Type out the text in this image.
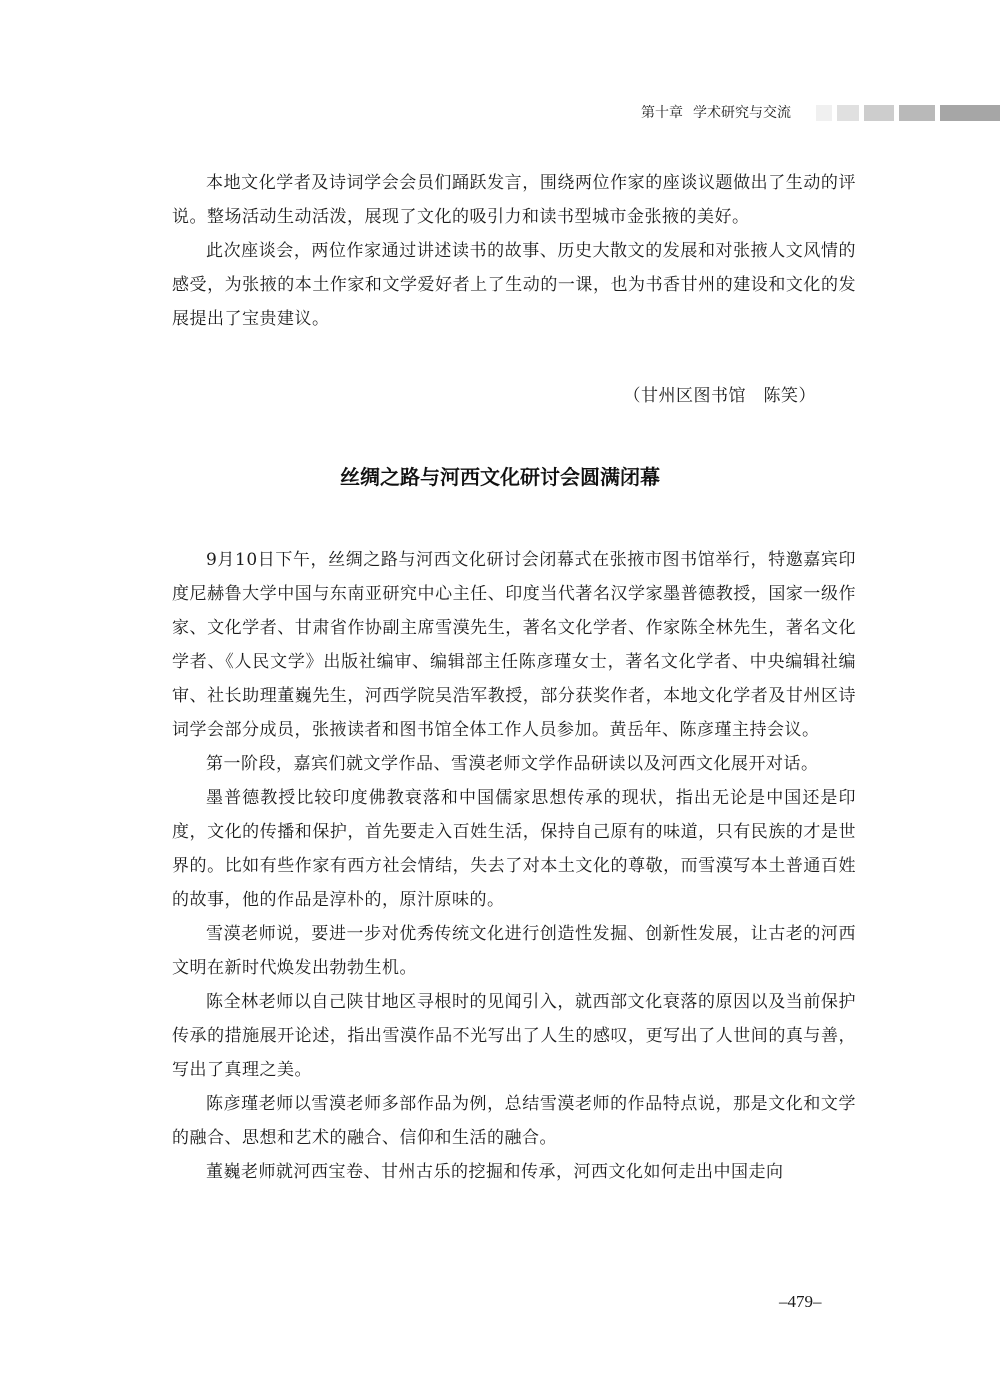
第十章 学术研究与交流

本地文化学者及诗词学会会员们踊跃发言，围绕两位作家的座谈议题做出了生动的评说。整场活动生动活泼，展现了文化的吸引力和读书型城市金张掖的美好。

此次座谈会，两位作家通过讲述读书的故事、历史大散文的发展和对张掖人文风情的感受，为张掖的本土作家和文学爱好者上了生动的一课，也为书香甘州的建设和文化的发展提出了宝贵建议。

（甘州区图书馆　陈笑）
丝绸之路与河西文化研讨会圆满闭幕

9月10日下午，丝绸之路与河西文化研讨会闭幕式在张掖市图书馆举行，特邀嘉宾印度尼赫鲁大学中国与东南亚研究中心主任、印度当代著名汉学家墨普德教授，国家一级作家、文化学者、甘肃省作协副主席雪漠先生，著名文化学者、作家陈全林先生，著名文化学者、《人民文学》出版社编审、编辑部主任陈彦瑾女士，著名文化学者、中央编辑社编审、社长助理董巍先生，河西学院吴浩军教授，部分获奖作者，本地文化学者及甘州区诗词学会部分成员，张掖读者和图书馆全体工作人员参加。黄岳年、陈彦瑾主持会议。

第一阶段，嘉宾们就文学作品、雪漠老师文学作品研读以及河西文化展开对话。

墨普德教授比较印度佛教衰落和中国儒家思想传承的现状，指出无论是中国还是印度，文化的传播和保护，首先要走入百姓生活，保持自己原有的味道，只有民族的才是世界的。比如有些作家有西方社会情结，失去了对本土文化的尊敬，而雪漠写本土普通百姓的故事，他的作品是淳朴的，原汁原味的。

雪漠老师说，要进一步对优秀传统文化进行创造性发掘、创新性发展，让古老的河西文明在新时代焕发出勃勃生机。

陈全林老师以自己陕甘地区寻根时的见闻引入，就西部文化衰落的原因以及当前保护传承的措施展开论述，指出雪漠作品不光写出了人生的感叹，更写出了人世间的真与善，写出了真理之美。

陈彦瑾老师以雪漠老师多部作品为例，总结雪漠老师的作品特点说，那是文化和文学的融合、思想和艺术的融合、信仰和生活的融合。

董巍老师就河西宝卷、甘州古乐的挖掘和传承，河西文化如何走出中国走向

–479–
